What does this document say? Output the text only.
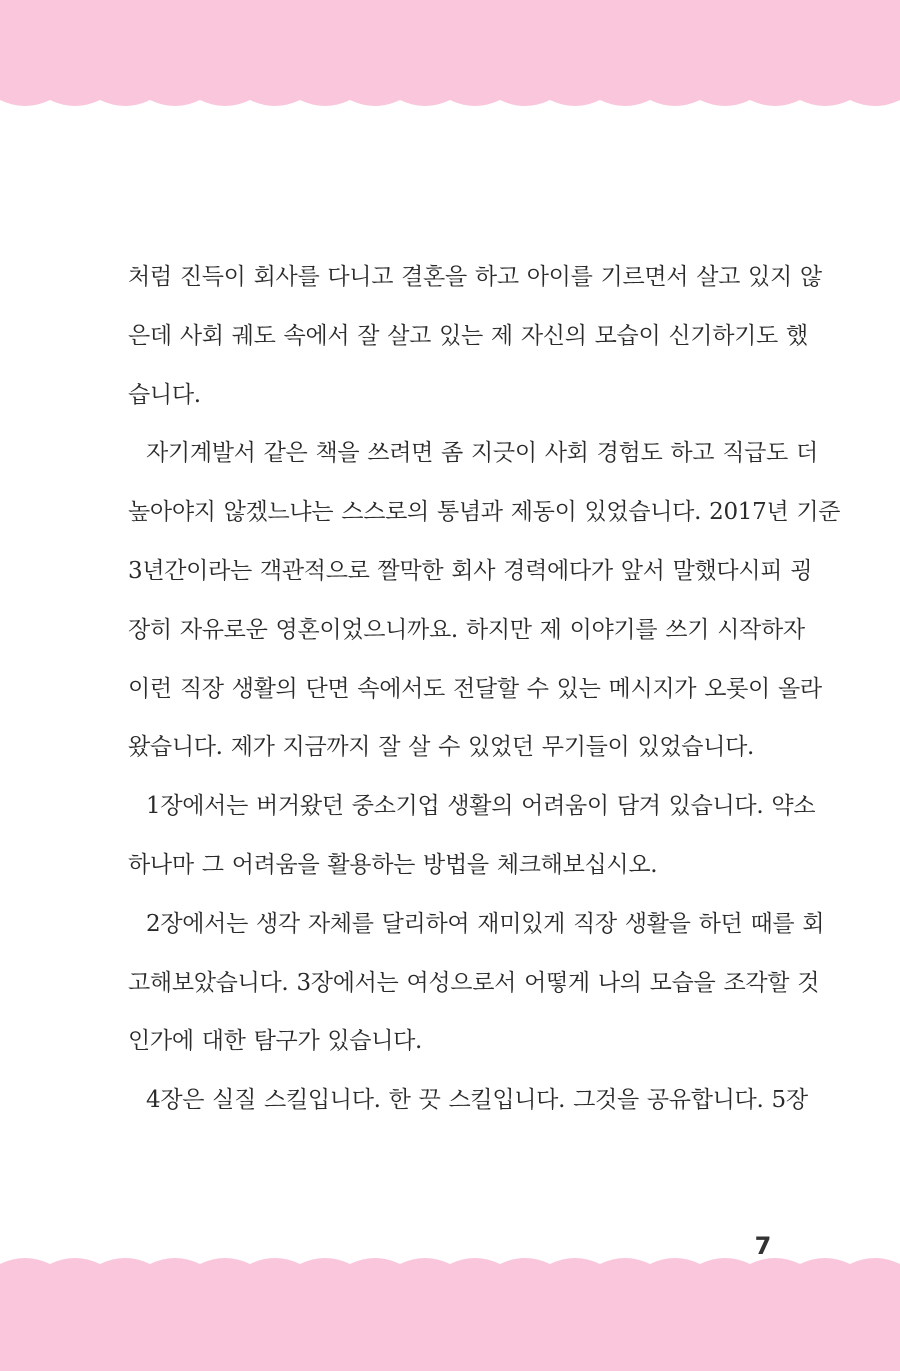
처럼 진득이 회사를 다니고 결혼을 하고 아이를 기르면서 살고 있지 않
은데 사회 궤도 속에서 잘 살고 있는 제 자신의 모습이 신기하기도 했
습니다.
자기계발서 같은 책을 쓰려면 좀 지긋이 사회 경험도 하고 직급도 더
높아야지 않겠느냐는 스스로의 통념과 제동이 있었습니다. 2017년 기준
3년간이라는 객관적으로 짤막한 회사 경력에다가 앞서 말했다시피 굉
장히 자유로운 영혼이었으니까요. 하지만 제 이야기를 쓰기 시작하자
이런 직장 생활의 단면 속에서도 전달할 수 있는 메시지가 오롯이 올라
왔습니다. 제가 지금까지 잘 살 수 있었던 무기들이 있었습니다.
1장에서는 버거왔던 중소기업 생활의 어려움이 담겨 있습니다. 약소
하나마 그 어려움을 활용하는 방법을 체크해보십시오.
2장에서는 생각 자체를 달리하여 재미있게 직장 생활을 하던 때를 회
고해보았습니다. 3장에서는 여성으로서 어떻게 나의 모습을 조각할 것
인가에 대한 탐구가 있습니다.
4장은 실질 스킬입니다. 한 끗 스킬입니다. 그것을 공유합니다. 5장
7
